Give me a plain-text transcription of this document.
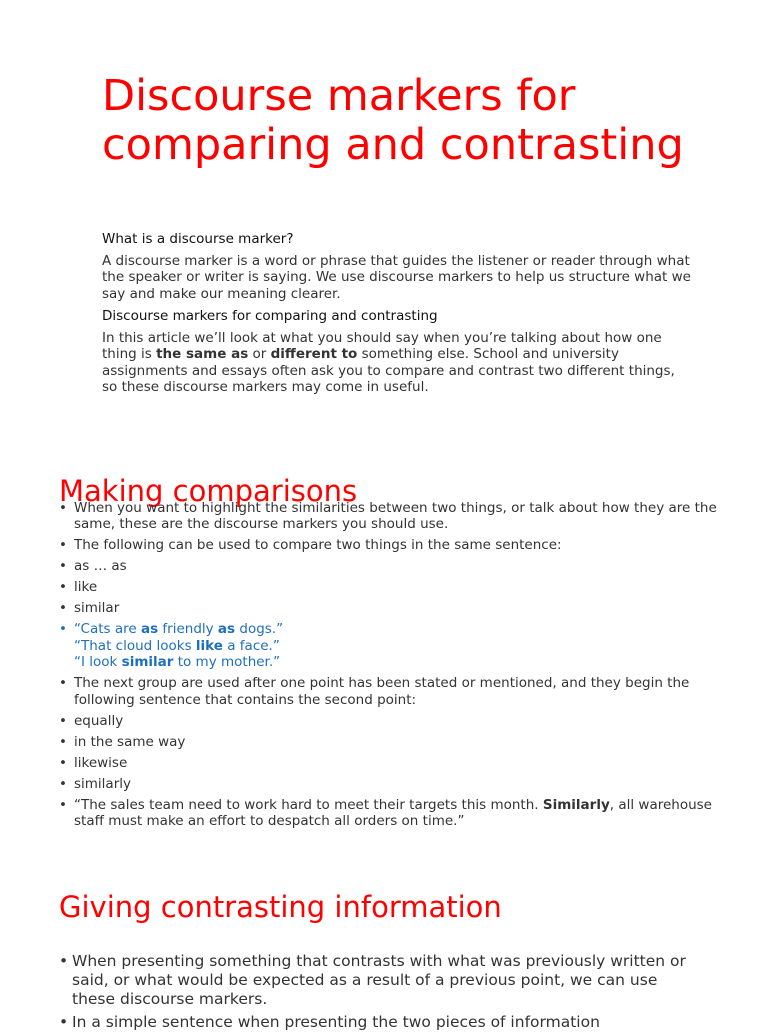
Discourse markers for comparing and contrasting

What is a discourse marker?

A discourse marker is a word or phrase that guides the listener or reader through what the speaker or writer is saying. We use discourse markers to help us structure what we say and make our meaning clearer.

Discourse markers for comparing and contrasting

In this article we’ll look at what you should say when you’re talking about how one thing is the same as or different to something else. School and university assignments and essays often ask you to compare and contrast two different things, so these discourse markers may come in useful.

Making comparisons
• When you want to highlight the similarities between two things, or talk about how they are the same, these are the discourse markers you should use.
• The following can be used to compare two things in the same sentence:
• as … as
• like
• similar
• “Cats are as friendly as dogs.”
“That cloud looks like a face.”
“I look similar to my mother.”
• The next group are used after one point has been stated or mentioned, and they begin the following sentence that contains the second point:
• equally
• in the same way
• likewise
• similarly
• “The sales team need to work hard to meet their targets this month. Similarly, all warehouse staff must make an effort to despatch all orders on time.”
Giving contrasting information
• When presenting something that contrasts with what was previously written or said, or what would be expected as a result of a previous point, we can use these discourse markers.
• In a simple sentence when presenting the two pieces of information
